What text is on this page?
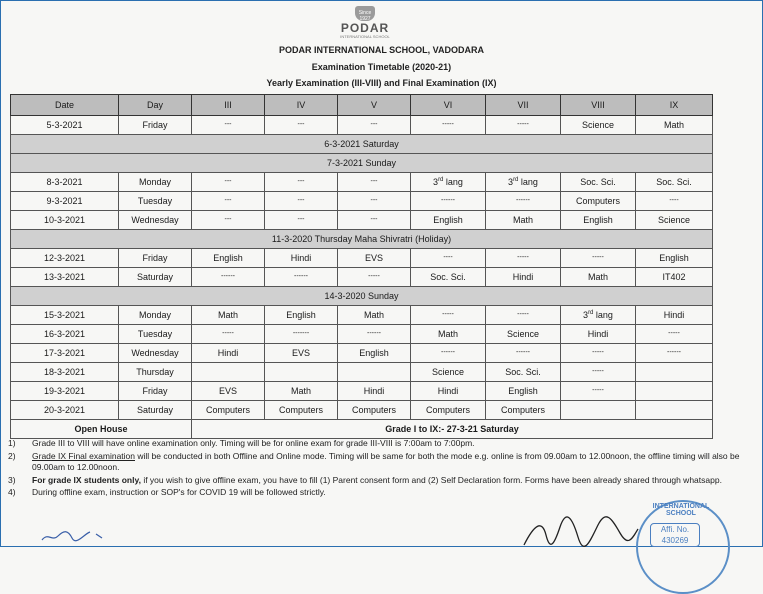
Since 1927
PODAR
INTERNATIONAL SCHOOL
PODAR INTERNATIONAL SCHOOL, VADODARA
Examination Timetable (2020-21)
Yearly Examination (III-VIII) and Final Examination (IX)
Date	Day	III	IV	V	VI	VII	VIII	IX
5-3-2021	Friday	---	---	---	-----	-----	Science	Math
6-3-2021 Saturday								
7-3-2021 Sunday								
8-3-2021	Monday	---	---	---	3rd lang	3rd lang	Soc. Sci.	Soc. Sci.
9-3-2021	Tuesday	---	---	---	------	------	Computers	----
10-3-2021	Wednesday	---	---	---	English	Math	English	Science
11-3-2020 Thursday Maha Shivratri (Holiday)								
12-3-2021	Friday	English	Hindi	EVS	----	-----	-----	English
13-3-2021	Saturday	------	------	-----	Soc. Sci.	Hindi	Math	IT402
14-3-2020 Sunday								
15-3-2021	Monday	Math	English	Math	-----	-----	3rd lang	Hindi
16-3-2021	Tuesday	-----	-------	------	Math	Science	Hindi	-----
17-3-2021	Wednesday	Hindi	EVS	English	------	------	-----	------
18-3-2021	Thursday				Science	Soc. Sci.	-----	
19-3-2021	Friday	EVS	Math	Hindi	Hindi	English	-----	
20-3-2021	Saturday	Computers	Computers	Computers	Computers	Computers		
Open House		Grade I to IX:- 27-3-21 Saturday						
1)	Grade III to VIII will have online examination only. Timing will be for online exam for grade III-VIII is 7:00am to 7:00pm.
2)	Grade IX Final examination will be conducted in both Offline and Online mode. Timing will be same for both the mode e.g. online is from 09.00am to 12.00noon, the offline timing will also be 09.00am to 12.00noon.
3)	For grade IX students only, if you wish to give offline exam, you have to fill (1) Parent consent form and (2) Self Declaration form. Forms have been already shared through whatsapp.
4)	During offline exam, instruction or SOP's for COVID 19 will be followed strictly.
INTERNATIONAL SCHOOL
Affi. No.
430269
